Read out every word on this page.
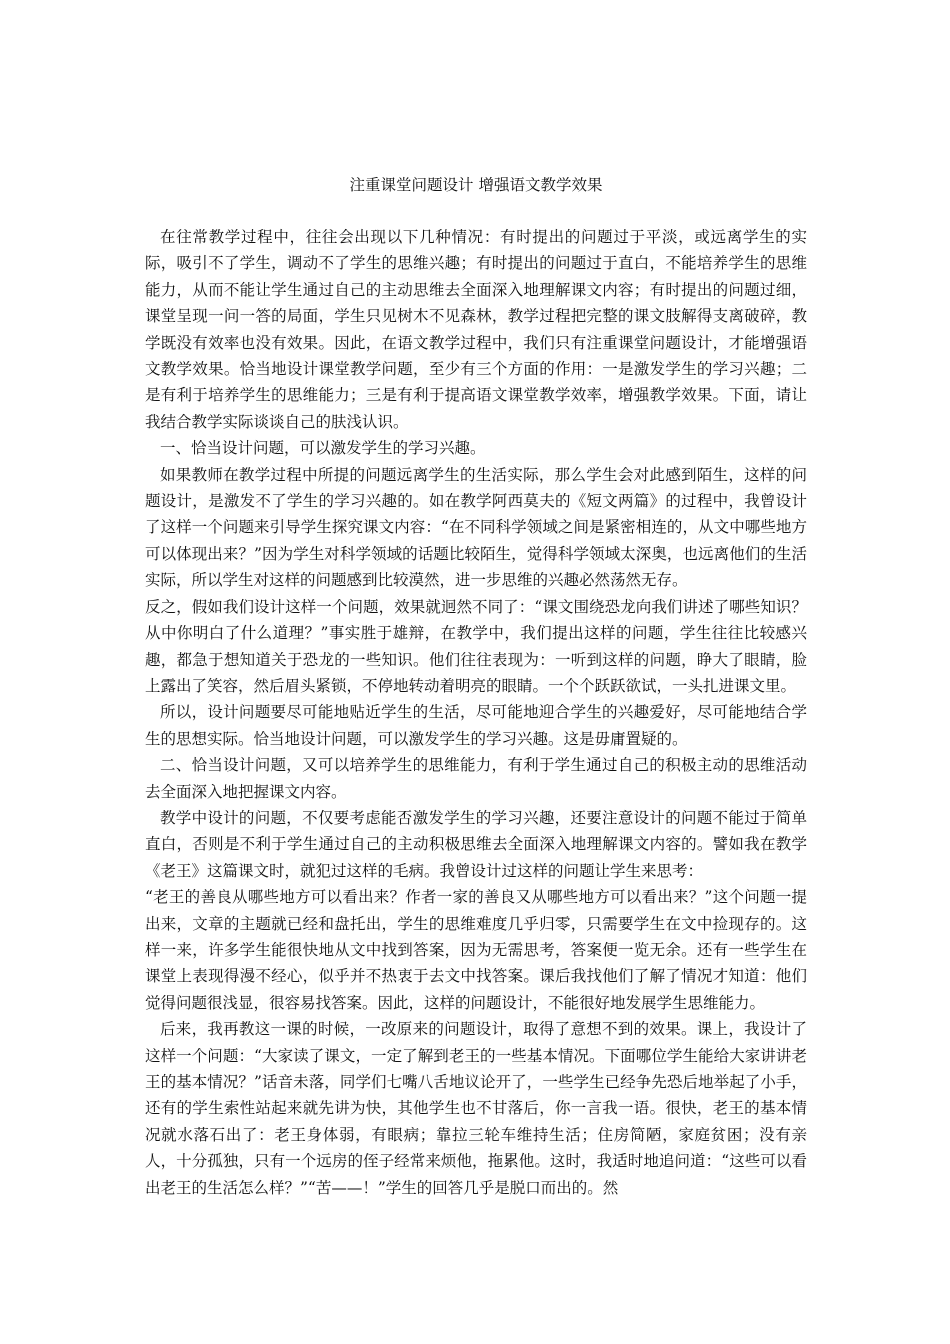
注重课堂问题设计 增强语文教学效果

在往常教学过程中，往往会出现以下几种情况：有时提出的问题过于平淡，或远离学生的实际，吸引不了学生，调动不了学生的思维兴趣；有时提出的问题过于直白，不能培养学生的思维能力，从而不能让学生通过自己的主动思维去全面深入地理解课文内容；有时提出的问题过细，课堂呈现一问一答的局面，学生只见树木不见森林，教学过程把完整的课文肢解得支离破碎，教学既没有效率也没有效果。因此，在语文教学过程中，我们只有注重课堂问题设计，才能增强语文教学效果。恰当地设计课堂教学问题，至少有三个方面的作用：一是激发学生的学习兴趣；二是有利于培养学生的思维能力；三是有利于提高语文课堂教学效率，增强教学效果。下面，请让我结合教学实际谈谈自己的肤浅认识。

一、恰当设计问题，可以激发学生的学习兴趣。

如果教师在教学过程中所提的问题远离学生的生活实际，那么学生会对此感到陌生，这样的问题设计，是激发不了学生的学习兴趣的。如在教学阿西莫夫的《短文两篇》的过程中，我曾设计了这样一个问题来引导学生探究课文内容：“在不同科学领域之间是紧密相连的，从文中哪些地方可以体现出来？”因为学生对科学领域的话题比较陌生，觉得科学领域太深奥，也远离他们的生活实际，所以学生对这样的问题感到比较漠然，进一步思维的兴趣必然荡然无存。

反之，假如我们设计这样一个问题，效果就迥然不同了：“课文围绕恐龙向我们讲述了哪些知识？从中你明白了什么道理？”事实胜于雄辩，在教学中，我们提出这样的问题，学生往往比较感兴趣，都急于想知道关于恐龙的一些知识。他们往往表现为：一听到这样的问题，睁大了眼睛，脸上露出了笑容，然后眉头紧锁，不停地转动着明亮的眼睛。一个个跃跃欲试，一头扎进课文里。

所以，设计问题要尽可能地贴近学生的生活，尽可能地迎合学生的兴趣爱好，尽可能地结合学生的思想实际。恰当地设计问题，可以激发学生的学习兴趣。这是毋庸置疑的。

二、恰当设计问题，又可以培养学生的思维能力，有利于学生通过自己的积极主动的思维活动去全面深入地把握课文内容。

教学中设计的问题，不仅要考虑能否激发学生的学习兴趣，还要注意设计的问题不能过于简单直白，否则是不利于学生通过自己的主动积极思维去全面深入地理解课文内容的。譬如我在教学《老王》这篇课文时，就犯过这样的毛病。我曾设计过这样的问题让学生来思考：

“老王的善良从哪些地方可以看出来？作者一家的善良又从哪些地方可以看出来？”这个问题一提出来，文章的主题就已经和盘托出，学生的思维难度几乎归零，只需要学生在文中捡现存的。这样一来，许多学生能很快地从文中找到答案，因为无需思考，答案便一览无余。还有一些学生在课堂上表现得漫不经心，似乎并不热衷于去文中找答案。课后我找他们了解了情况才知道：他们觉得问题很浅显，很容易找答案。因此，这样的问题设计，不能很好地发展学生思维能力。

后来，我再教这一课的时候，一改原来的问题设计，取得了意想不到的效果。课上，我设计了这样一个问题：“大家读了课文，一定了解到老王的一些基本情况。下面哪位学生能给大家讲讲老王的基本情况？”话音未落，同学们七嘴八舌地议论开了，一些学生已经争先恐后地举起了小手，还有的学生索性站起来就先讲为快，其他学生也不甘落后，你一言我一语。很快，老王的基本情况就水落石出了：老王身体弱，有眼病；靠拉三轮车维持生活；住房简陋，家庭贫困；没有亲人，十分孤独，只有一个远房的侄子经常来烦他，拖累他。这时，我适时地追问道：“这些可以看出老王的生活怎么样？”“苦——！”学生的回答几乎是脱口而出的。然
